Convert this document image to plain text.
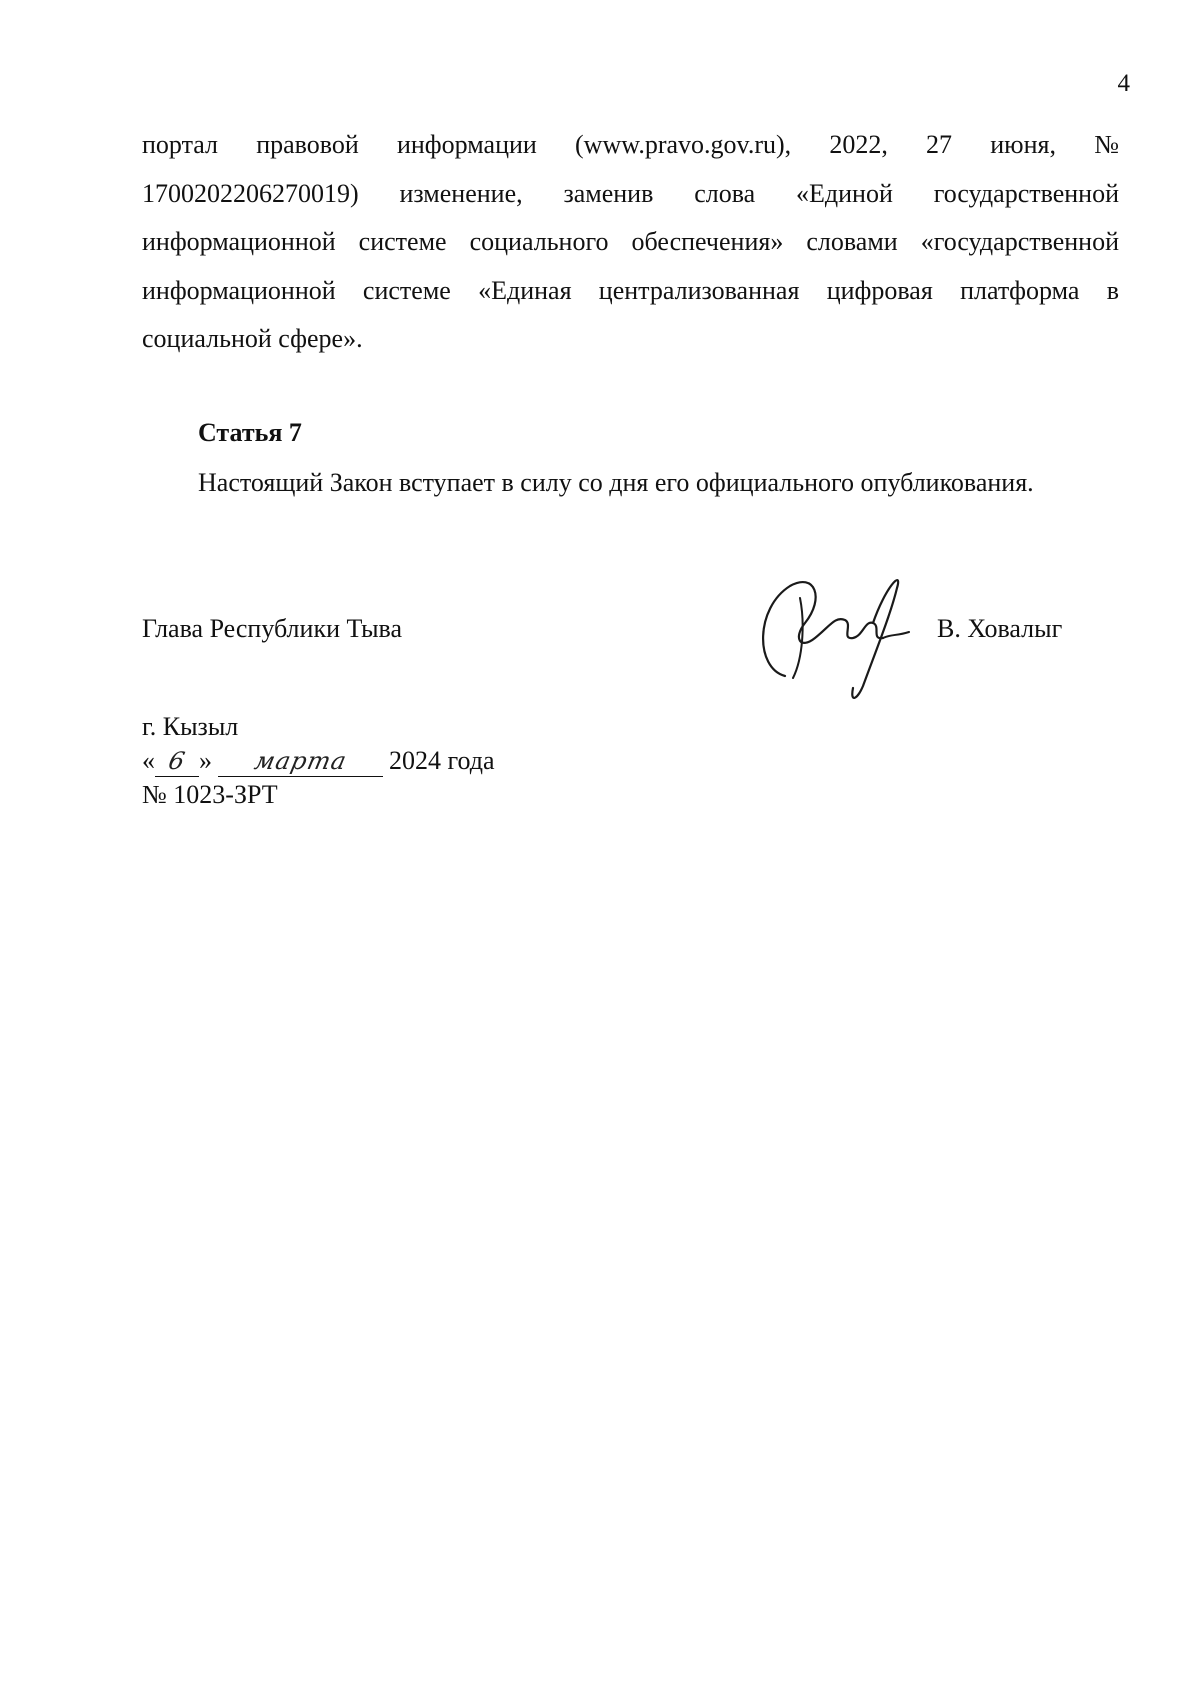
4
портал правовой информации (www.pravo.gov.ru), 2022, 27 июня, № 1700202206270019) изменение, заменив слова «Единой государственной информационной системе социального обеспечения» словами «государственной информационной системе «Единая централизованная цифровая платформа в социальной сфере».
Статья 7
Настоящий Закон вступает в силу со дня его официального опубликования.
Глава Республики Тыва	В. Ховалыг
г. Кызыл
« 6 » марта 2024 года
№ 1023-ЗРТ
